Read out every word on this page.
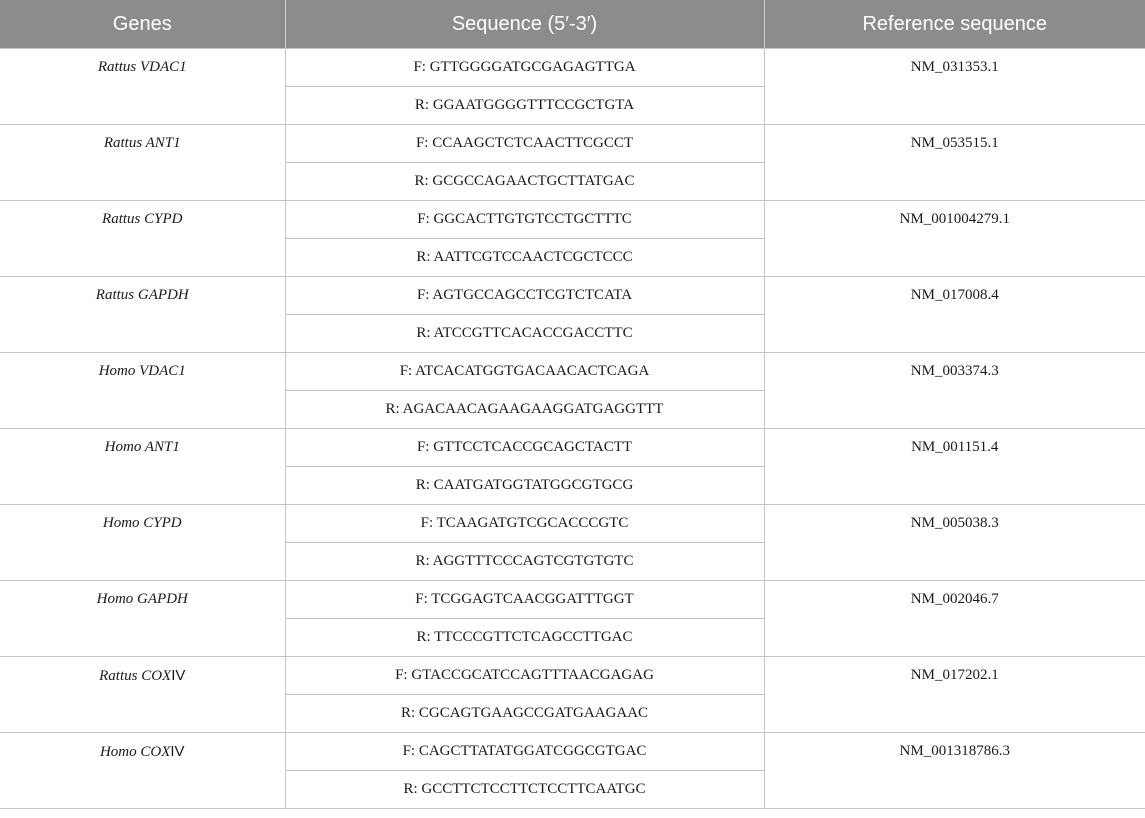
Genes	Sequence (5′-3′)	Reference sequence
Rattus VDAC1	F: GTTGGGGATGCGAGAGTTGA	NM_031353.1
	R: GGAATGGGGTTTCCGCTGTA	
Rattus ANT1	F: CCAAGCTCTCAACTTCGCCT	NM_053515.1
	R: GCGCCAGAACTGCTTATGAC	
Rattus CYPD	F: GGCACTTGTGTCCTGCTTTC	NM_001004279.1
	R: AATTCGTCCAACTCGCTCCC	
Rattus GAPDH	F: AGTGCCAGCCTCGTCTCATA	NM_017008.4
	R: ATCCGTTCACACCGACCTTC	
Homo VDAC1	F: ATCACATGGTGACAACACTCAGA	NM_003374.3
	R: AGACAACAGAAGAAGGATGAGGTTT	
Homo ANT1	F: GTTCCTCACCGCAGCTACTT	NM_001151.4
	R: CAATGATGGTATGGCGTGCG	
Homo CYPD	F: TCAAGATGTCGCACCCGTC	NM_005038.3
	R: AGGTTTCCCAGTCGTGTGTC	
Homo GAPDH	F: TCGGAGTCAACGGATTTGGT	NM_002046.7
	R: TTCCCGTTCTCAGCCTTGAC	
Rattus COXIV	F: GTACCGCATCCAGTTTAACGAGAG	NM_017202.1
	R: CGCAGTGAAGCCGATGAAGAAC	
Homo COXIV	F: CAGCTTATATGGATCGGCGTGAC	NM_001318786.3
	R: GCCTTCTCCTTCTCCTTCAATGC	
